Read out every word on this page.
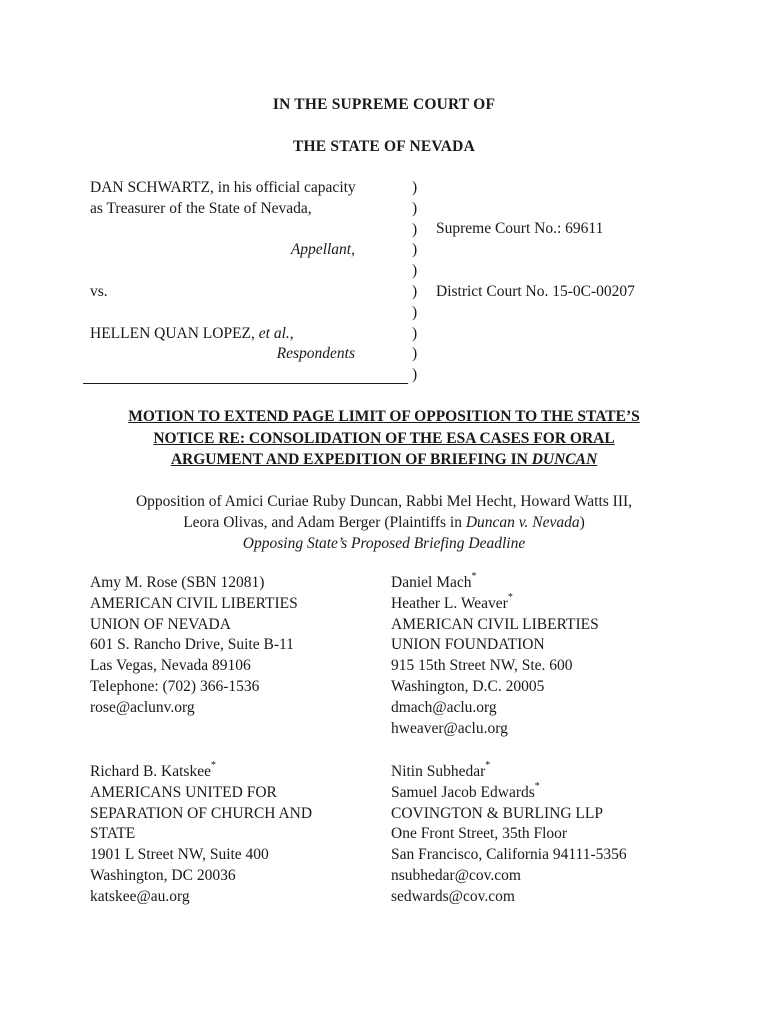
IN THE SUPREME COURT OF
THE STATE OF NEVADA
DAN SCHWARTZ, in his official capacity
as Treasurer of the State of Nevada,

Appellant,

vs.

HELLEN QUAN LOPEZ, et al.,
Respondents
)
)
)
)
)
)
)
)
)
)
Supreme Court No.: 69611
District Court No. 15-0C-00207
MOTION TO EXTEND PAGE LIMIT OF OPPOSITION TO THE STATE’S
NOTICE RE: CONSOLIDATION OF THE ESA CASES FOR ORAL
ARGUMENT AND EXPEDITION OF BRIEFING IN DUNCAN
Opposition of Amici Curiae Ruby Duncan, Rabbi Mel Hecht, Howard Watts III,
Leora Olivas, and Adam Berger (Plaintiffs in Duncan v. Nevada)
Opposing State’s Proposed Briefing Deadline
Amy M. Rose (SBN 12081)
AMERICAN CIVIL LIBERTIES
UNION OF NEVADA
601 S. Rancho Drive, Suite B-11
Las Vegas, Nevada 89106
Telephone: (702) 366-1536
rose@aclunv.org
Daniel Mach*
Heather L. Weaver*
AMERICAN CIVIL LIBERTIES
UNION FOUNDATION
915 15th Street NW, Ste. 600
Washington, D.C. 20005
dmach@aclu.org
hweaver@aclu.org
Richard B. Katskee*
AMERICANS UNITED FOR
SEPARATION OF CHURCH AND
STATE
1901 L Street NW, Suite 400
Washington, DC 20036
katskee@au.org
Nitin Subhedar*
Samuel Jacob Edwards*
COVINGTON & BURLING LLP
One Front Street, 35th Floor
San Francisco, California 94111-5356
nsubhedar@cov.com
sedwards@cov.com
